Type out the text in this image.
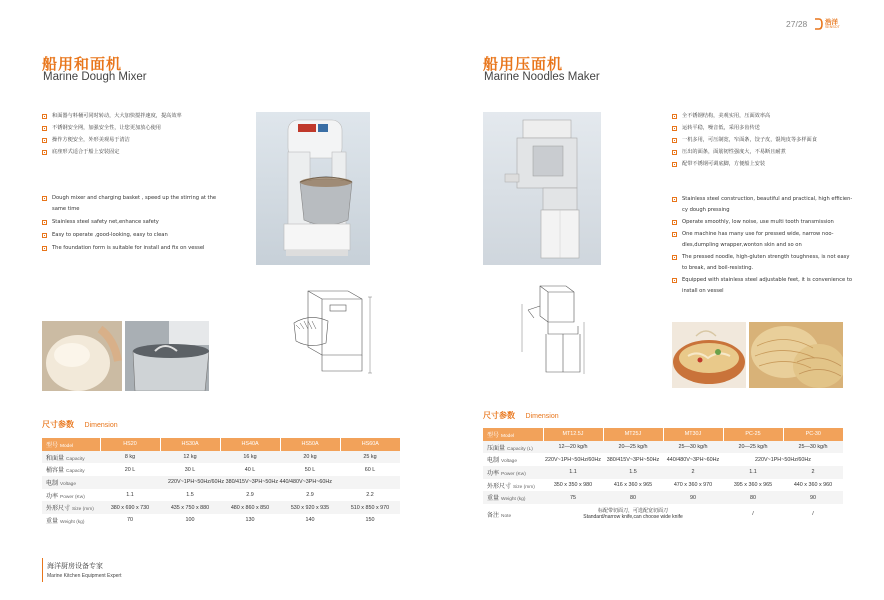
船用和面机
Marine Dough Mixer
和面器与料桶可同时转动，大大加快搅拌速度，提高效率
不锈钢安全网，加强安全性，让您更加放心使用
操作方便安全，外形美观易于清洁
底座形式适合于船上安装固定
Dough mixer and charging basket , speed up the stirring at the
same time
Stainless steel safety net,enhance safety
Easy to operate ,good-looking, easy to clean
The foundation form is suitable for install and fix on vessel
尺寸参数 Dimension
型号 Model	HS20	HS30A	HS40A	HS50A	HS60A
和面量 Capacity	8 kg	12 kg	16 kg	20 kg	25 kg
桶容量 Capacity	20 L	30 L	40 L	50 L	60 L
电制 Voltage	220V~1PH~50Hz/60Hz 380/415V~3PH~50Hz 440/480V~3PH~60Hz				
功率 Power (Kw)	1.1	1.5	2.9	2.9	2.2
外形尺寸 Size (mm)	380 x 690 x 730	435 x 750 x 880	480 x 860 x 850	530 x 920 x 935	510 x 850 x 970
重量 Weight (kg)	70	100	130	140	150
海洋厨房设备专家
Marine Kitchen Equipment Expert
27/28	浩洋
SENSOT
船用压面机
Marine Noodles Maker
全不锈钢结构，美观实用，压面效率高
运转平稳，噪音低，采用多齿传送
一机多用，可压制宽，窄面条，饺子皮，馄饨皮等多样面食
压出的面条，面筋韧性强度大，不易断且耐煮
配带不锈钢可调底脚，方便船上安装
Stainless steel construction, beautiful and practical, high efficien-
cy dough pressing
Operate smoothly, low noise, use multi tooth transmission
One machine has many use for pressed wide, narrow noo-
dles,dumpling wrapper,wonton skin and so on
The pressed noodle, high-gluten strength toughness, is not easy
to break, and boil-resisting.
Equipped with stainless steel adjustable feet, it is convenience to
install on vessel
尺寸参数 Dimension
型号 Model	MT12.5J	MT25J	MT30J	PC-25	PC-30
压面量 Capacity (L)	12—20 kg/h	20—25 kg/h	25—30 kg/h	20—25 kg/h	25—30 kg/h
电制 Voltage	220V~1PH~50Hz/60Hz	380/415V~3PH~50Hz	440/480V~3PH~60Hz	220V~1PH~50Hz/60Hz	
功率 Power (Kw)	1.1	1.5	2	1.1	2
外形尺寸 Size (mm)	350 x 350 x 980	416 x 360 x 965	470 x 360 x 970	395 x 360 x 965	440 x 360 x 960
重量 Weight (kg)	75	80	90	80	90
备注 Note	标配带切面刀，可选配宽切面刀
Standard/narrow knife,can choose wide knife			/	/
